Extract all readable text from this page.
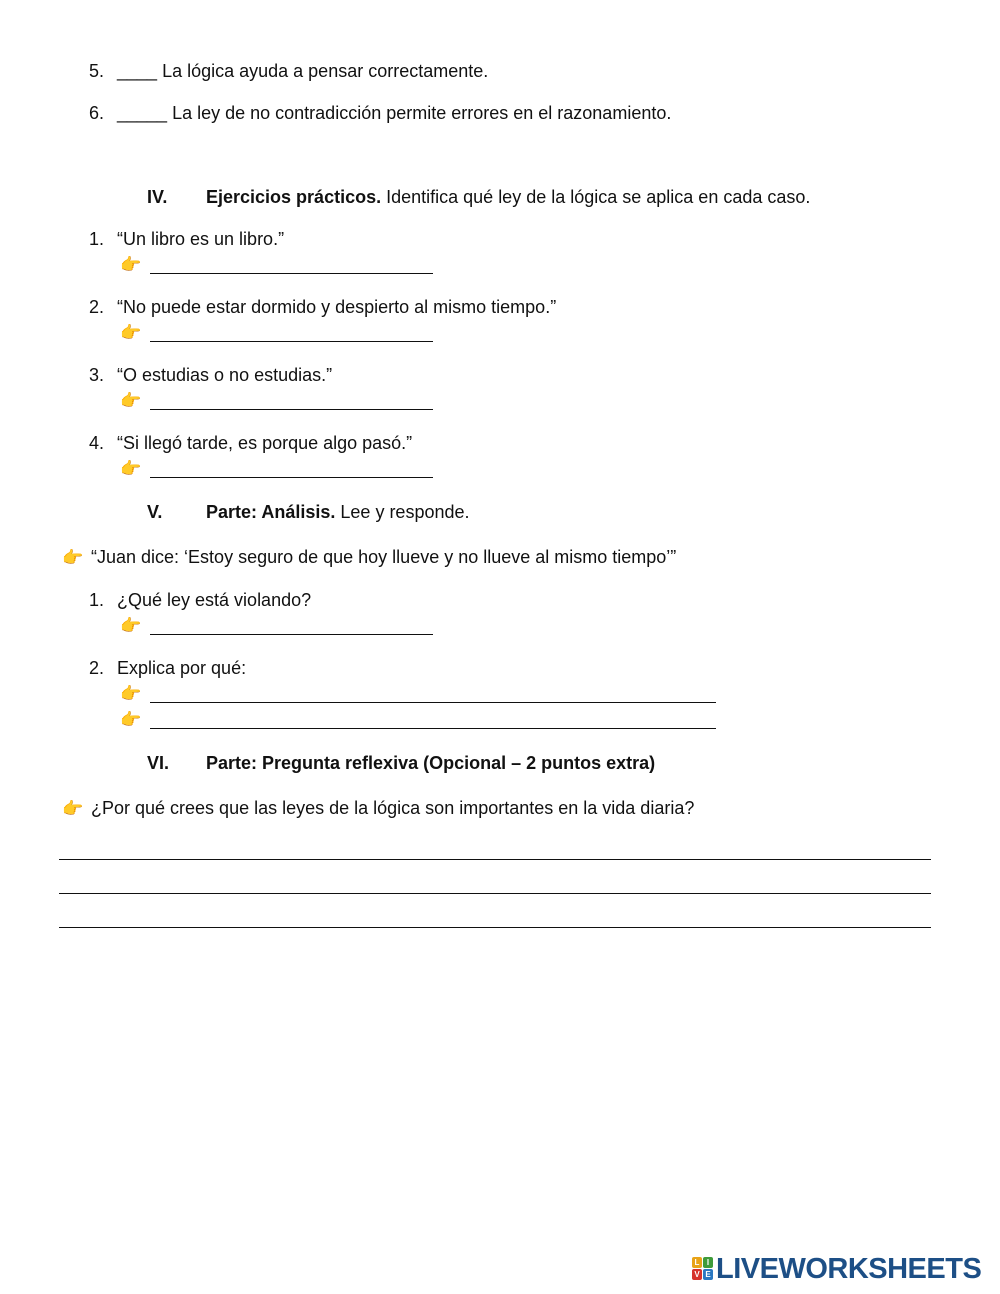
5. ____ La lógica ayuda a pensar correctamente.
6. _____ La ley de no contradicción permite errores en el razonamiento.
IV. Ejercicios prácticos. Identifica qué ley de la lógica se aplica en cada caso.
1. “Un libro es un libro.”
👉
2. “No puede estar dormido y despierto al mismo tiempo.”
👉
3. “O estudias o no estudias.”
👉
4. “Si llegó tarde, es porque algo pasó.”
👉
V. Parte: Análisis. Lee y responde.
👉 “Juan dice: ‘Estoy seguro de que hoy llueve y no llueve al mismo tiempo’”
1. ¿Qué ley está violando?
👉
2. Explica por qué:
👉
👉
VI. Parte: Pregunta reflexiva (Opcional – 2 puntos extra)
👉 ¿Por qué crees que las leyes de la lógica son importantes en la vida diaria?
L I
V E LIVEWORKSHEETS
